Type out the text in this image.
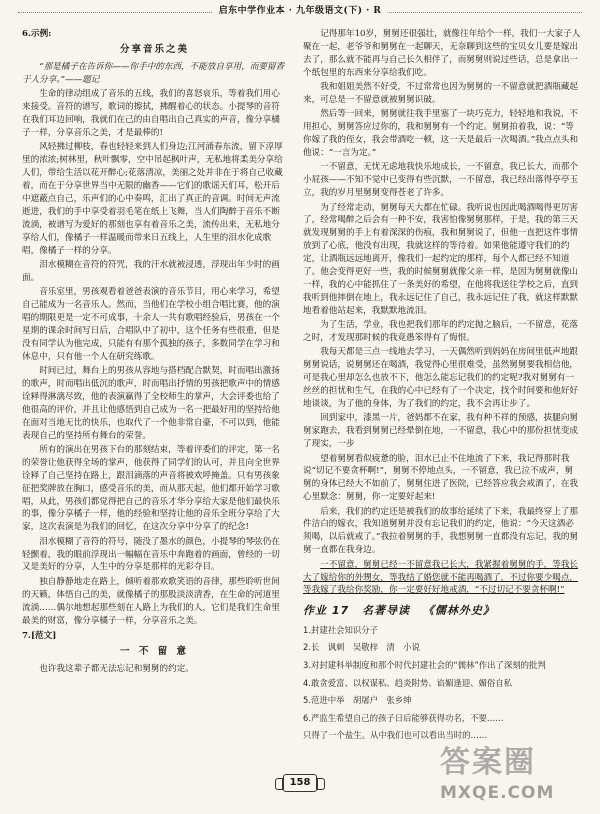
启东中学作业本 · 九年级语文(下) · R

6.示例:

分享音乐之美

“那是橘子在告诉你——你手中的东西，不能放自享用，而要留香于人分享。”——题记

生命的律动组成了音乐的五线，我们的喜怒哀乐，等着我们用心来接受。音符的谱写，歌词的擦拭，拂醒着心的状态。小提琴的音符在我们耳边回响，我就们在己的由自唱出自己真实的声音，像分享橘子一样，分享音乐之美，才是最棒的!

风轻拂过柳枝，春也轻轻来到人们身边;江河涌春东流，留下淳厚里的浓浓;树林里，秋叶飘零，空中吊起枫叶声，无私地将柔美分享给人们，带给生活以花开醉心;花落清凉，美丽之处并非在于将自己收藏着，而在于分享世界当中无限的幽香——它们的歌谣天们耳，松开后中遮蔽点自己，乐声们的心中奏鸣，汇出了真正的音调。时间无声流逝进，我们的手中享受着羽毛笔在纸上飞舞，当人们陶醉于音乐不断流淌，被谱写为爱好的那刻也享有着音乐之美，流传出来，无私地分享给人们，像橘子一样温暖而带来日五线上，人生里的泪水化成歌唱，像橘子一样的分享。

泪水模糊在音符的符咒，我的汗水就被浸透，浮现出年少时的画面。

音乐室里，男孩观看着爸爸表演的音乐节目，用心来学习，希望自己能成为一名音乐人。然而，当他们在学校小组合唱比赛，他的演唱的期限更是一定不可成事，十余人一共有歌唱经验后，男孩在一个星期的课余时间写日后，合唱队中了初中，这个任务有些很重，但是没有同学认为他完成，只能有有那个孤独的孩子，多数同学在学习和休息中，只有他一个人在研究练歌。

时间已过，舞台上的男孩从容地与搭档配合默契，时而唱出激扬的歌声，时而唱出低沉的歌声，时而唱出抒情的男孩把歌声中的情感诠释得淋漓尽致，他的表演赢得了全校师生的掌声，大会评委也给了他很高的评价，并且让他感悟到自己成为一名一把最好用的坚持给他在面对当地无比的快乐，也取代了一个他非常自豪，不可以到，他能表现自己的坚持所有舞台的荣誉。

所有的演出在男孩下台的那刻结束，等着评委们的评定，第一名的荣誉让他获得全场的掌声，他获得了同学们的认可，并且向全世界诠释了自己坚持在路上，跟泪滴落的声音将被欢呼掩盖。只有男孩象征把奖牌放在胸口，感受音乐的美，而从那天起，他们都开始学习歌唱，从此，男孩们都觉得把自己的音乐才华分享给大家是他们最快乐的事，像分享橘子一样，他的经验和坚持让他的音乐全班分享给了大家，这次表演是为我们的回忆，在这次分享中分享了的纪念!

泪水模糊了音符的符号，随没了墨水的颜色，小提琴的琴弦仍在轻颤着，我的眼前浮现出一幅幅在音乐中奔跑着的画面，曾经的一切又是美好的分享，人生中的分享是那样的光彩夺目。

独自静静地走在路上，倾听着那欢歌笑语的音律，那些聆听世间的天籁，体悟自己的美，就像橘子的那股淡淡清香，在生命的河道里流淌……偶尔地想起那些刻在人路上为我们的人，它们是我们生命里最美的财富，像分享橘子一样，分享音乐之美。

7.[范文]

一 不 留 意

也许我这辈子都无法忘记和舅舅的约定。

记得那年10岁，舅舅还很强壮，就像往年给个一样，我们一大家子人聚在一起，老爷爷和舅舅在一起聊天，无奈聊到这些的宝贝女儿要是嫁出去了，那么就不能再与自己长久相伴了，而舅舅则说过些话，总是拿出一个纸包里的东西来分享给我们吃。

我和姐姐美然不好受，不过常常也因为舅舅的一不留意就把酒瓶藏起来，可总是一不留意就被舅舅识破。

然后等一回来，舅舅就往我手里塞了一块巧克力，轻轻地和我说，不用担心，舅舅答应过你的，我和舅舅有一个约定。舅舅拍着我，说：“等你嫁了我的侄女，我会带酒吃一顿，这一天是最后一次喝酒。”我点点头和他说：“一言为定。”

一不留意，无忧无虑地我快乐地成长，一不留意，我已长大，而那个小屁孩——不知不觉中已变得有些沉默，一不留意，我已经出落得亭亭玉立，我的岁月里舅舅变得苍老了许多。

为了经常走动，舅舅每天大都在忙碌。我听说也因此喝酒喝得更厉害了，经常喝醉之后会有一种不安，我害怕像舅舅那样，于是，我的第三天就发现舅舅的手上有着深深的伤痕，我和舅舅说了，但他一直把这件事情放到了心底，他没有出现，我就这样的等待着。如果他能遵守我们的约定，让酒瓶远远地离开，像我们一起约定的那样，每个人都已经不知道了。他会变得更好一些，我的时候舅舅就像父亲一样，是因为舅舅就像山一样，我的心中能抓住了一条美好的希望，在他将我送往学校之后，直到我听到他摔倒在地上，我永远记住了自己，我永远记住了我，就这样默默地看着他站起来，我默默地流泪。

为了生活，学业，我也把我们那年的约定抛之脑后，一不留意，花落之时，才发现那时候的我竟愚笨得有了悔恨。

我每天都是三点一线地去学习，一天偶然听到妈妈在房间里低声地跟舅舅说话，说舅舅还在喝酒，我觉得心里很难受，虽然舅舅要我相信他，可是我心里却怎么也放不下，他怎么能忘记我们的约定呢?我对舅舅有一丝丝的担忧和生气，在我的心中已经有了一个决定，找个时间要和他好好地谈谈，为了他的身体，为了我们的约定，我不会再让步了。

回到家中，漆黑一片，爸妈都不在家，我有种不祥的预感，拔腿向舅舅家跑去，我看到舅舅已经晕倒在地，一不留意，我心中的那份担忧变成了现实，一步

望着舅舅看似疲惫的脸，泪水已止不住地流了下来，我记得那时我说“切记不要贪杯啊!”，舅舅不停地点头，一不留意，我已泣不成声，舅舅的身体已经大不如前了，舅舅住进了医院，已经答应我会戒酒了，在我心里默念：舅舅，你一定要好起来!

后来，我们的约定还是被我们的故事给延续了下来，我最终穿上了那件洁白的嫁衣，我知道舅舅并没有忘记我们的约定，他说：“今天这酒必须喝，以后就戒了。”我拉着舅舅的手，我想舅舅一直都没有忘记，我的舅舅一直都在我身边。

一不留意，舅舅已经一不留意我已长大，我紧握着舅舅的手，等我长大了嫁给你的外甥女，等我结了婚您就不能再喝酒了，不过你要少喝点，等我嫁了我给你奖励，你一定要好好地戒酒，“不过切记不要贪杯啊!”

作业 17 名著导读 《儒林外史》

1.封建社会知识分子

2.长　讽刺　吴敬梓　清　小说

3.对封建科举制度和那个时代封建社会的“儒林”作出了深刻的批判

4.敢贪爱富、以权谋私、趋炎附势、谄媚逢迎、媚俗自私

5.范进中举　胡屠户　张乡绅

6.严监生希望自己的孩子日后能够获得功名，不要……

只得了一个盐生。从中我们也可以看出当时的……

158
答案圈
MXQE.COM
